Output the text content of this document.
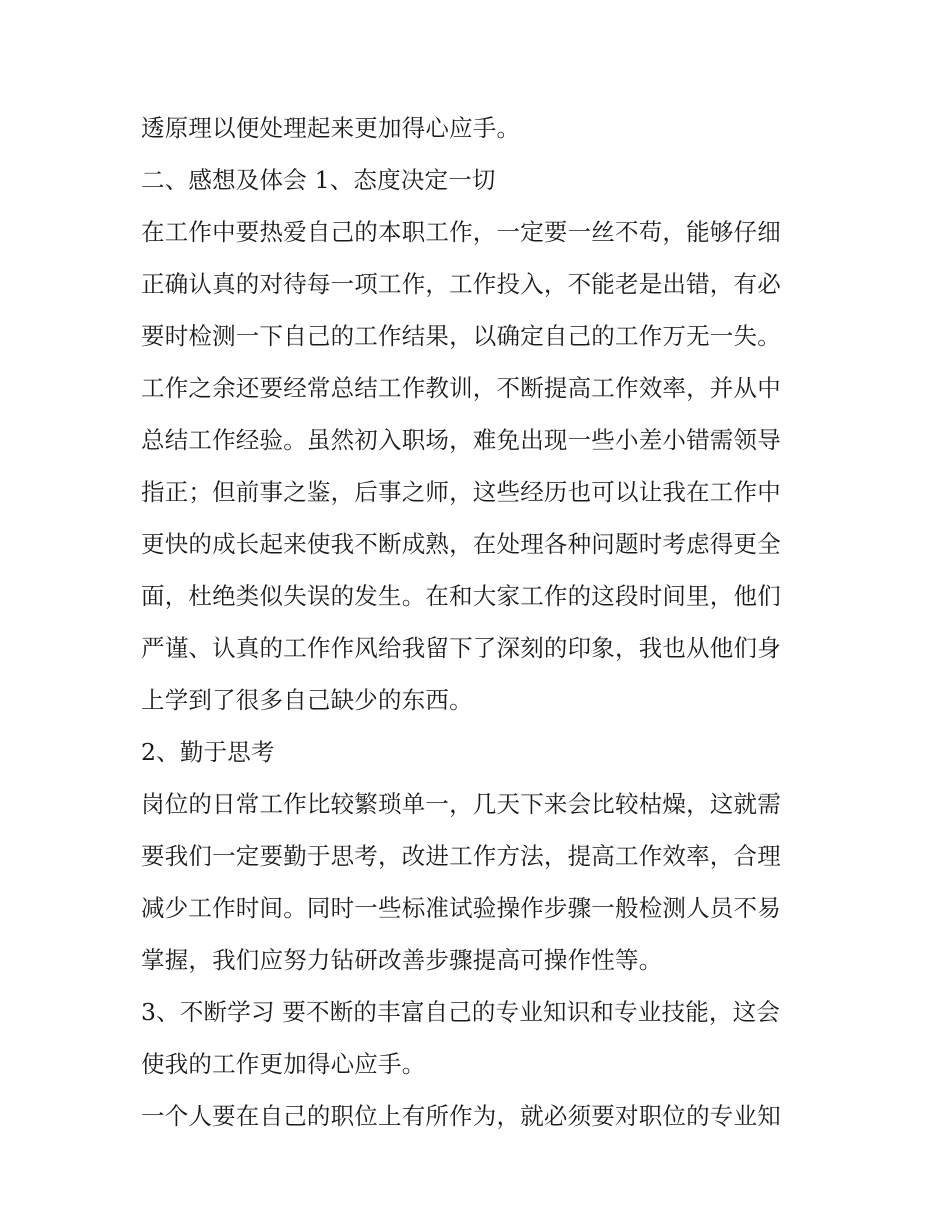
透原理以便处理起来更加得心应手。

二、感想及体会 1、态度决定一切

在工作中要热爱自己的本职工作，一定要一丝不苟，能够仔细

正确认真的对待每一项工作，工作投入，不能老是出错，有必

要时检测一下自己的工作结果，以确定自己的工作万无一失。

工作之余还要经常总结工作教训，不断提高工作效率，并从中

总结工作经验。虽然初入职场，难免出现一些小差小错需领导

指正；但前事之鉴，后事之师，这些经历也可以让我在工作中

更快的成长起来使我不断成熟，在处理各种问题时考虑得更全

面，杜绝类似失误的发生。在和大家工作的这段时间里，他们

严谨、认真的工作作风给我留下了深刻的印象，我也从他们身

上学到了很多自己缺少的东西。

2、勤于思考

岗位的日常工作比较繁琐单一，几天下来会比较枯燥，这就需

要我们一定要勤于思考，改进工作方法，提高工作效率，合理

减少工作时间。同时一些标准试验操作步骤一般检测人员不易

掌握，我们应努力钻研改善步骤提高可操作性等。

3、不断学习 要不断的丰富自己的专业知识和专业技能，这会

使我的工作更加得心应手。

一个人要在自己的职位上有所作为，就必须要对职位的专业知
